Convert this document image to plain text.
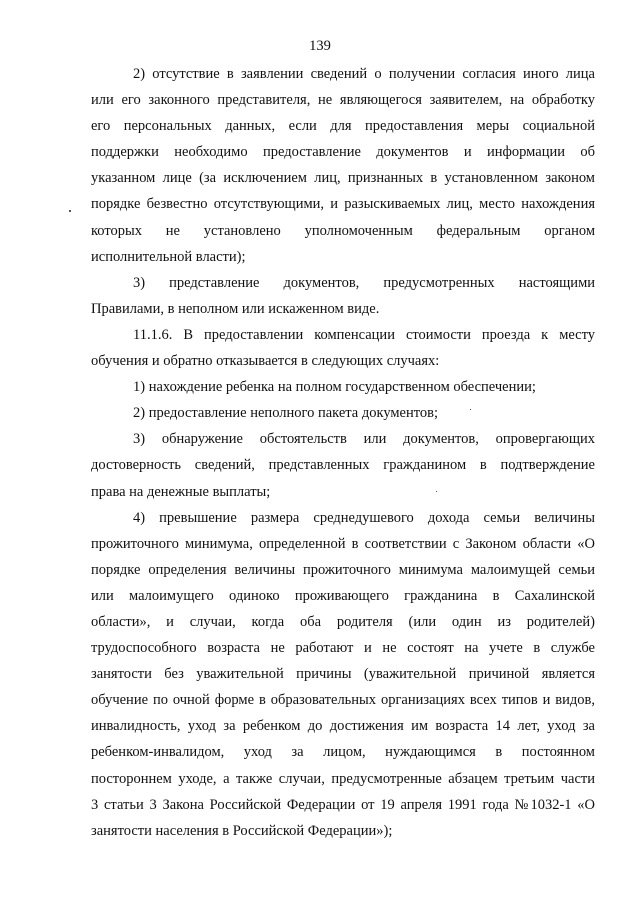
139

2) отсутствие в заявлении сведений о получении согласия иного лица
или его законного представителя, не являющегося заявителем, на обработку
его персональных данных, если для предоставления меры социальной
поддержки необходимо предоставление документов и информации об
указанном лице (за исключением лиц, признанных в установленном законом
порядке безвестно отсутствующими, и разыскиваемых лиц, место нахождения
которых не установлено уполномоченным федеральным органом
исполнительной власти);

3) представление документов, предусмотренных настоящими
Правилами, в неполном или искаженном виде.

11.1.6. В предоставлении компенсации стоимости проезда к месту
обучения и обратно отказывается в следующих случаях:

1) нахождение ребенка на полном государственном обеспечении;

2) предоставление неполного пакета документов;

3) обнаружение обстоятельств или документов, опровергающих
достоверность сведений, представленных гражданином в подтверждение
права на денежные выплаты;

4) превышение размера среднедушевого дохода семьи величины
прожиточного минимума, определенной в соответствии с Законом области «О
порядке определения величины прожиточного минимума малоимущей семьи
или малоимущего одиноко проживающего гражданина в Сахалинской
области», и случаи, когда оба родителя (или один из родителей)
трудоспособного возраста не работают и не состоят на учете в службе
занятости без уважительной причины (уважительной причиной является
обучение по очной форме в образовательных организациях всех типов и видов,
инвалидность, уход за ребенком до достижения им возраста 14 лет, уход за
ребенком-инвалидом, уход за лицом, нуждающимся в постоянном
постороннем уходе, а также случаи, предусмотренные абзацем третьим части
3 статьи 3 Закона Российской Федерации от 19 апреля 1991 года №1032-1 «О
занятости населения в Российской Федерации»);
